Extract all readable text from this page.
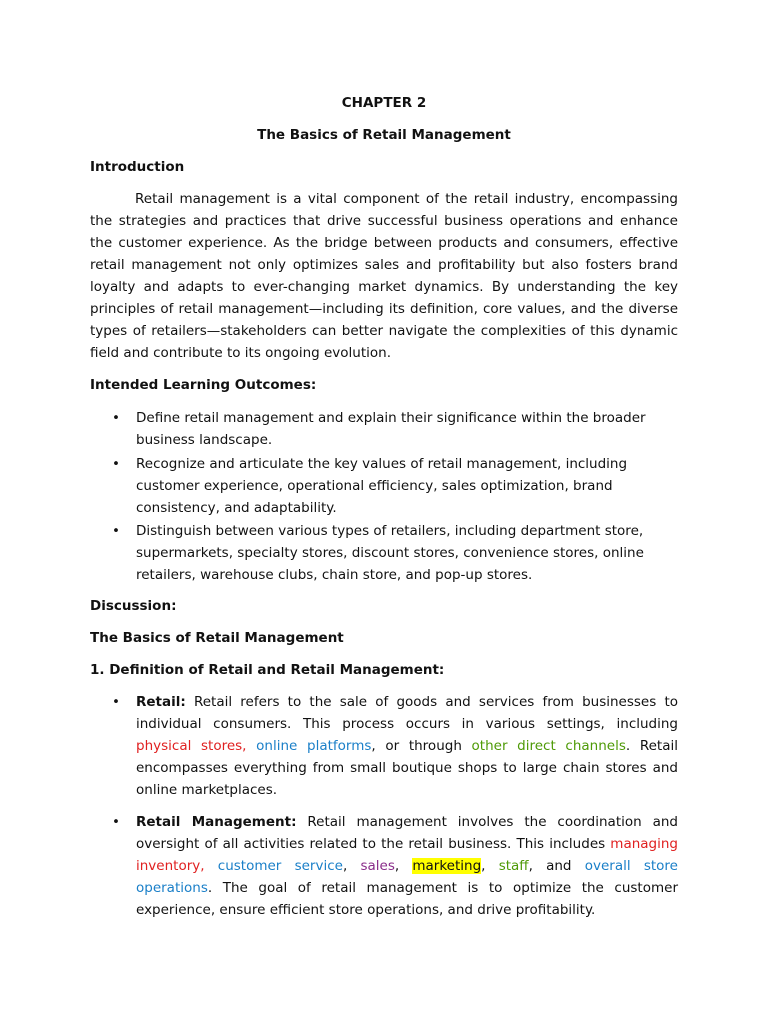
CHAPTER 2

The Basics of Retail Management

Introduction

Retail management is a vital component of the retail industry, encompassing the strategies and practices that drive successful business operations and enhance the customer experience. As the bridge between products and consumers, effective retail management not only optimizes sales and profitability but also fosters brand loyalty and adapts to ever-changing market dynamics. By understanding the key principles of retail management—including its definition, core values, and the diverse types of retailers—stakeholders can better navigate the complexities of this dynamic field and contribute to its ongoing evolution.

Intended Learning Outcomes:

• Define retail management and explain their significance within the broader business landscape.
• Recognize and articulate the key values of retail management, including customer experience, operational efficiency, sales optimization, brand consistency, and adaptability.
• Distinguish between various types of retailers, including department store, supermarkets, specialty stores, discount stores, convenience stores, online retailers, warehouse clubs, chain store, and pop-up stores.

Discussion:

The Basics of Retail Management

1. Definition of Retail and Retail Management:

• Retail: Retail refers to the sale of goods and services from businesses to individual consumers. This process occurs in various settings, including physical stores, online platforms, or through other direct channels. Retail encompasses everything from small boutique shops to large chain stores and online marketplaces.
• Retail Management: Retail management involves the coordination and oversight of all activities related to the retail business. This includes managing inventory, customer service, sales, marketing, staff, and overall store operations. The goal of retail management is to optimize the customer experience, ensure efficient store operations, and drive profitability.
